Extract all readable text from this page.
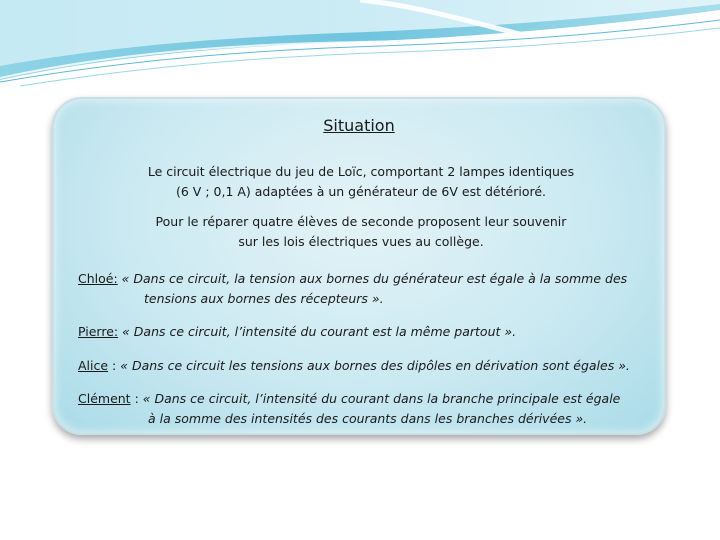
Situation
Le circuit électrique du jeu de Loïc, comportant 2 lampes identiques
(6 V ; 0,1 A) adaptées à un générateur de 6V est détérioré.
Pour le réparer quatre élèves de seconde proposent leur souvenir
sur les lois électriques vues au collège.
Chloé: « Dans ce circuit, la tension aux bornes du générateur est égale à la somme des
tensions aux bornes des récepteurs ».
Pierre: « Dans ce circuit, l’intensité du courant est la même partout ».
Alice : « Dans ce circuit les tensions aux bornes des dipôles en dérivation sont égales ».
Clément : « Dans ce circuit, l’intensité du courant dans la branche principale est égale
à la somme des intensités des courants dans les branches dérivées ».
